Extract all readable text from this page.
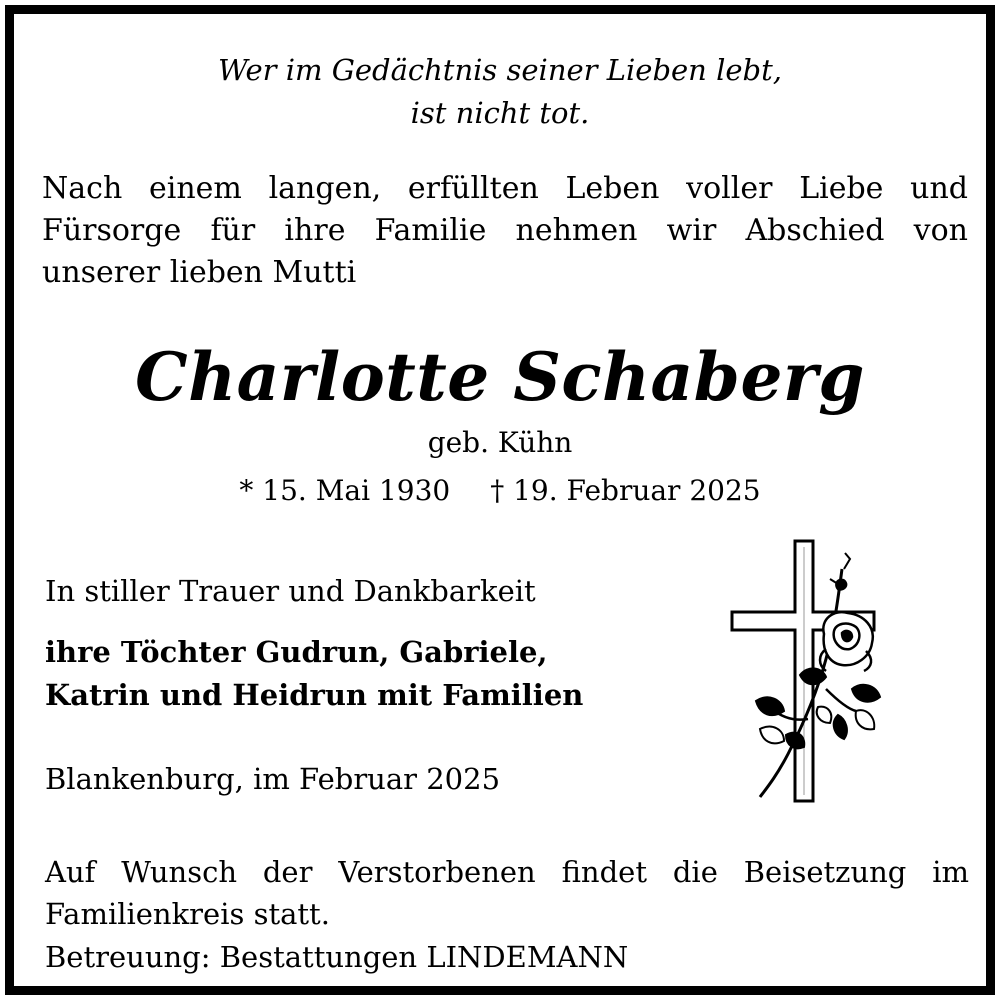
Wer im Gedächtnis seiner Lieben lebt,

ist nicht tot.

Nach einem langen, erfüllten Leben voller Liebe und
Fürsorge für ihre Familie nehmen wir Abschied von
unserer lieben Mutti
Charlotte Schaberg

geb. Kühn

* 15. Mai 1930 † 19. Februar 2025

In stiller Trauer und Dankbarkeit

ihre Töchter Gudrun, Gabriele,
Katrin und Heidrun mit Familien

Blankenburg, im Februar 2025

Auf Wunsch der Verstorbenen findet die Beisetzung im
Familienkreis statt.

Betreuung: Bestattungen LINDEMANN
